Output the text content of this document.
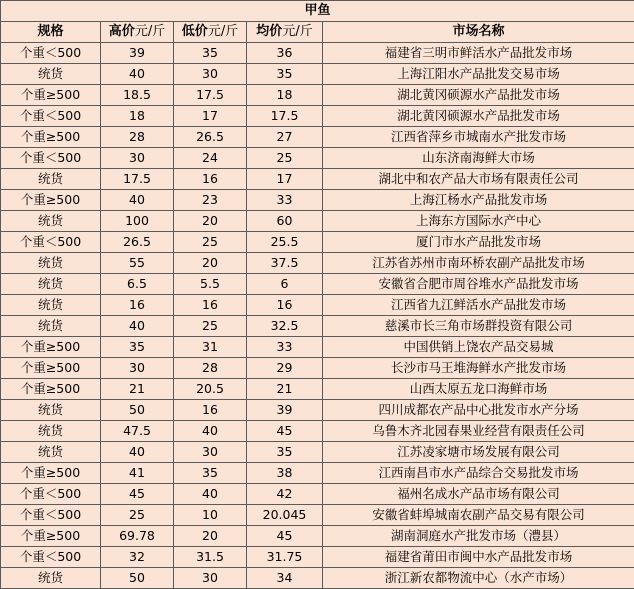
甲鱼				
规格	高价元/斤	低价元/斤	均价元/斤	市场名称
个重＜500	39	35	36	福建省三明市鲜活水产品批发市场
统货	40	30	35	上海江阳水产品批发交易市场
个重≥500	18.5	17.5	18	湖北黄冈硕源水产品批发市场
个重＜500	18	17	17.5	湖北黄冈硕源水产品批发市场
个重≥500	28	26.5	27	江西省萍乡市城南水产批发市场
个重＜500	30	24	25	山东济南海鲜大市场
统货	17.5	16	17	湖北中和农产品大市场有限责任公司
个重≥500	40	23	33	上海江杨水产品批发市场
统货	100	20	60	上海东方国际水产中心
个重＜500	26.5	25	25.5	厦门市水产品批发市场
统货	55	20	37.5	江苏省苏州市南环桥农副产品批发市场
统货	6.5	5.5	6	安徽省合肥市周谷堆水产品批发市场
统货	16	16	16	江西省九江鲜活水产品批发市场
统货	40	25	32.5	慈溪市长三角市场群投资有限公司
个重≥500	35	31	33	中国供销上饶农产品交易城
个重≥500	30	28	29	长沙市马王堆海鲜水产批发市场
个重≥500	21	20.5	21	山西太原五龙口海鲜市场
统货	50	16	39	四川成都农产品中心批发市水产分场
统货	47.5	40	45	乌鲁木齐北园春果业经营有限责任公司
统货	40	30	35	江苏凌家塘市场发展有限公司
个重≥500	41	35	38	江西南昌市水产品综合交易批发市场
个重＜500	45	40	42	福州名成水产品市场有限公司
个重＜500	25	10	20.045	安徽省蚌埠城南农副产品交易有限公司
个重≥500	69.78	20	45	湖南洞庭水产批发市场（澧县）
个重＜500	32	31.5	31.75	福建省莆田市闽中水产品批发市场
统货	50	30	34	浙江新农都物流中心（水产市场）
